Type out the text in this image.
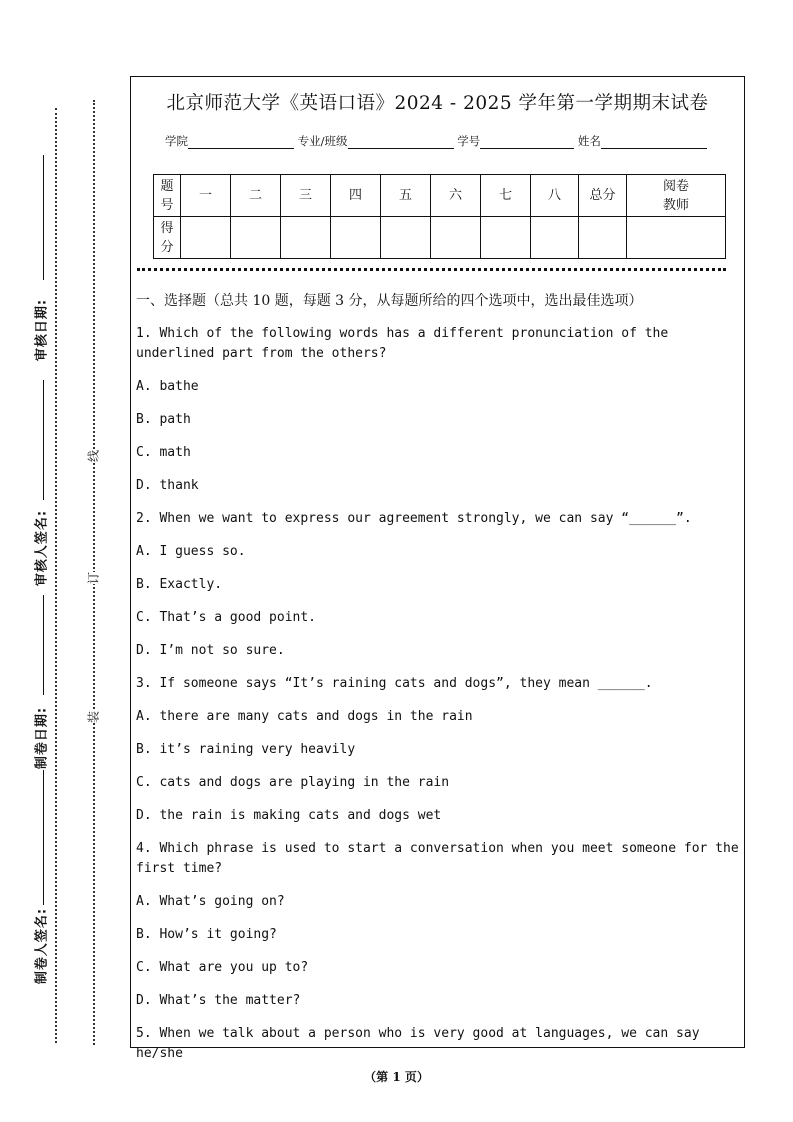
审核日期:
审核人签名:
制卷日期:
制卷人签名:
线
订
装
北京师范大学《英语口语》2024 - 2025 学年第一学期期末试卷
学院	专业/班级	学号	姓名
题号	一	二	三	四	五	六	七	八	总分	阅卷教师
得分										

一、选择题（总共 10 题，每题 3 分，从每题所给的四个选项中，选出最佳选项）

1. Which of the following words has a different pronunciation of the underlined part from the others?

A. bathe

B. path

C. math

D. thank

2. When we want to express our agreement strongly, we can say “______”.

A. I guess so.

B. Exactly.

C. That’s a good point.

D. I’m not so sure.

3. If someone says “It’s raining cats and dogs”, they mean ______.

A. there are many cats and dogs in the rain

B. it’s raining very heavily

C. cats and dogs are playing in the rain

D. the rain is making cats and dogs wet

4. Which phrase is used to start a conversation when you meet someone for the first time?

A. What’s going on?

B. How’s it going?

C. What are you up to?

D. What’s the matter?

5. When we talk about a person who is very good at languages, we can say he/she

（第 1 页）
